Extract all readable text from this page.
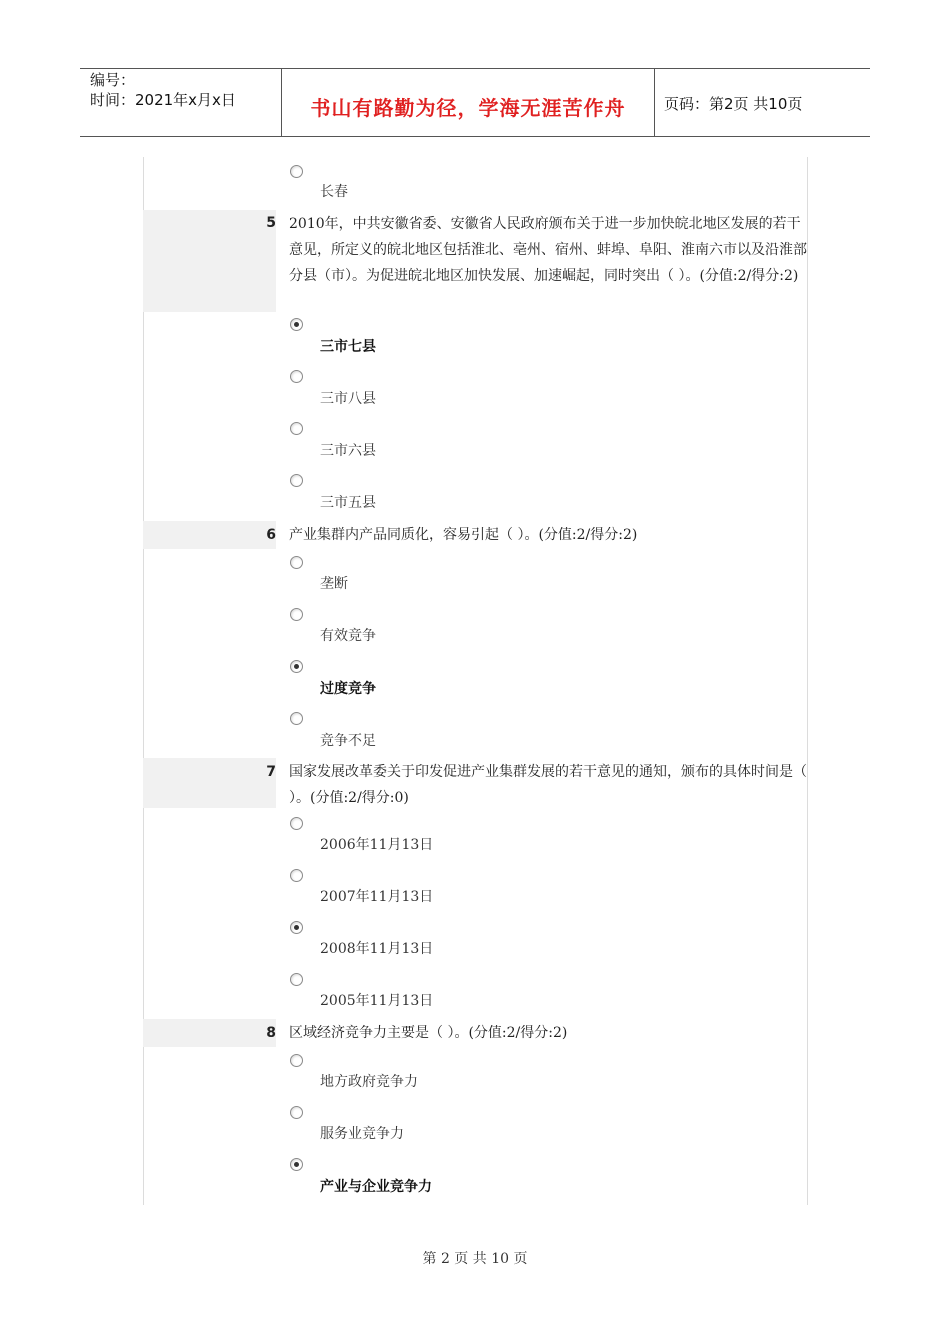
编号：
时间：2021年x月x日	书山有路勤为径，学海无涯苦作舟	页码：第2页 共10页
长春
5 2010年，中共安徽省委、安徽省人民政府颁布关于进一步加快皖北地区发展的若干意见，所定义的皖北地区包括淮北、亳州、宿州、蚌埠、阜阳、淮南六市以及沿淮部分县（市）。为促进皖北地区加快发展、加速崛起，同时突出（ ）。(分值:2/得分:2)
三市七县
三市八县
三市六县
三市五县
6 产业集群内产品同质化，容易引起（ ）。(分值:2/得分:2)
垄断
有效竞争
过度竞争
竞争不足
7 国家发展改革委关于印发促进产业集群发展的若干意见的通知，颁布的具体时间是（ ）。(分值:2/得分:0)
2006年11月13日
2007年11月13日
2008年11月13日
2005年11月13日
8 区域经济竞争力主要是（ ）。(分值:2/得分:2)
地方政府竞争力
服务业竞争力
产业与企业竞争力
第 2 页 共 10 页
